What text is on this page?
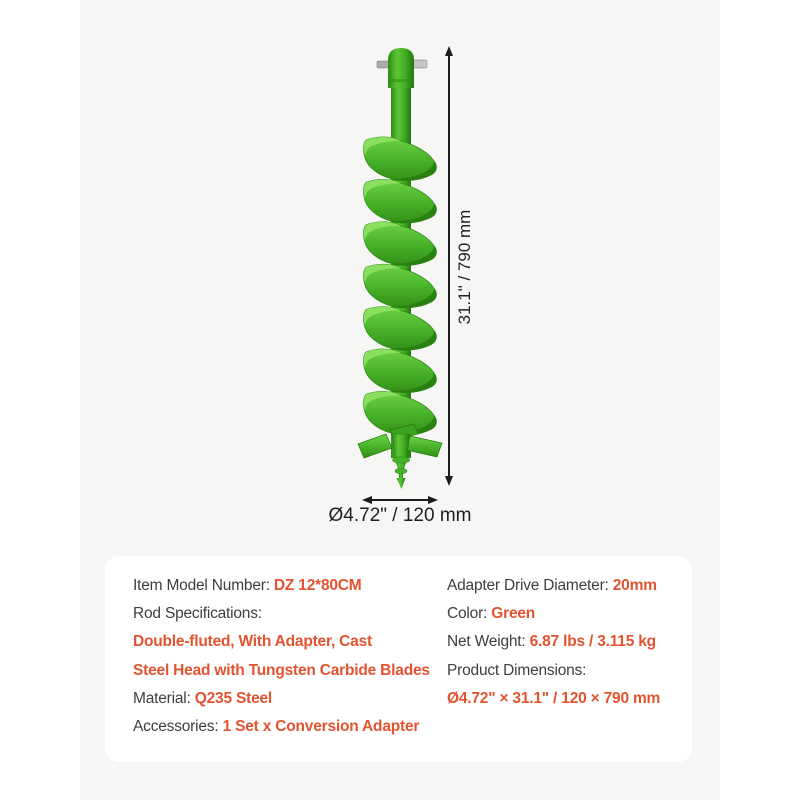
31.1" / 790 mm
Ø4.72" / 120 mm
Item Model Number: DZ 12*80CM
Rod Specifications:
Double-fluted, With Adapter, Cast
Steel Head with Tungsten Carbide Blades
Material: Q235 Steel
Accessories: 1 Set x Conversion Adapter
Adapter Drive Diameter: 20mm
Color: Green
Net Weight: 6.87 lbs / 3.115 kg
Product Dimensions:
Ø4.72" × 31.1" / 120 × 790 mm
